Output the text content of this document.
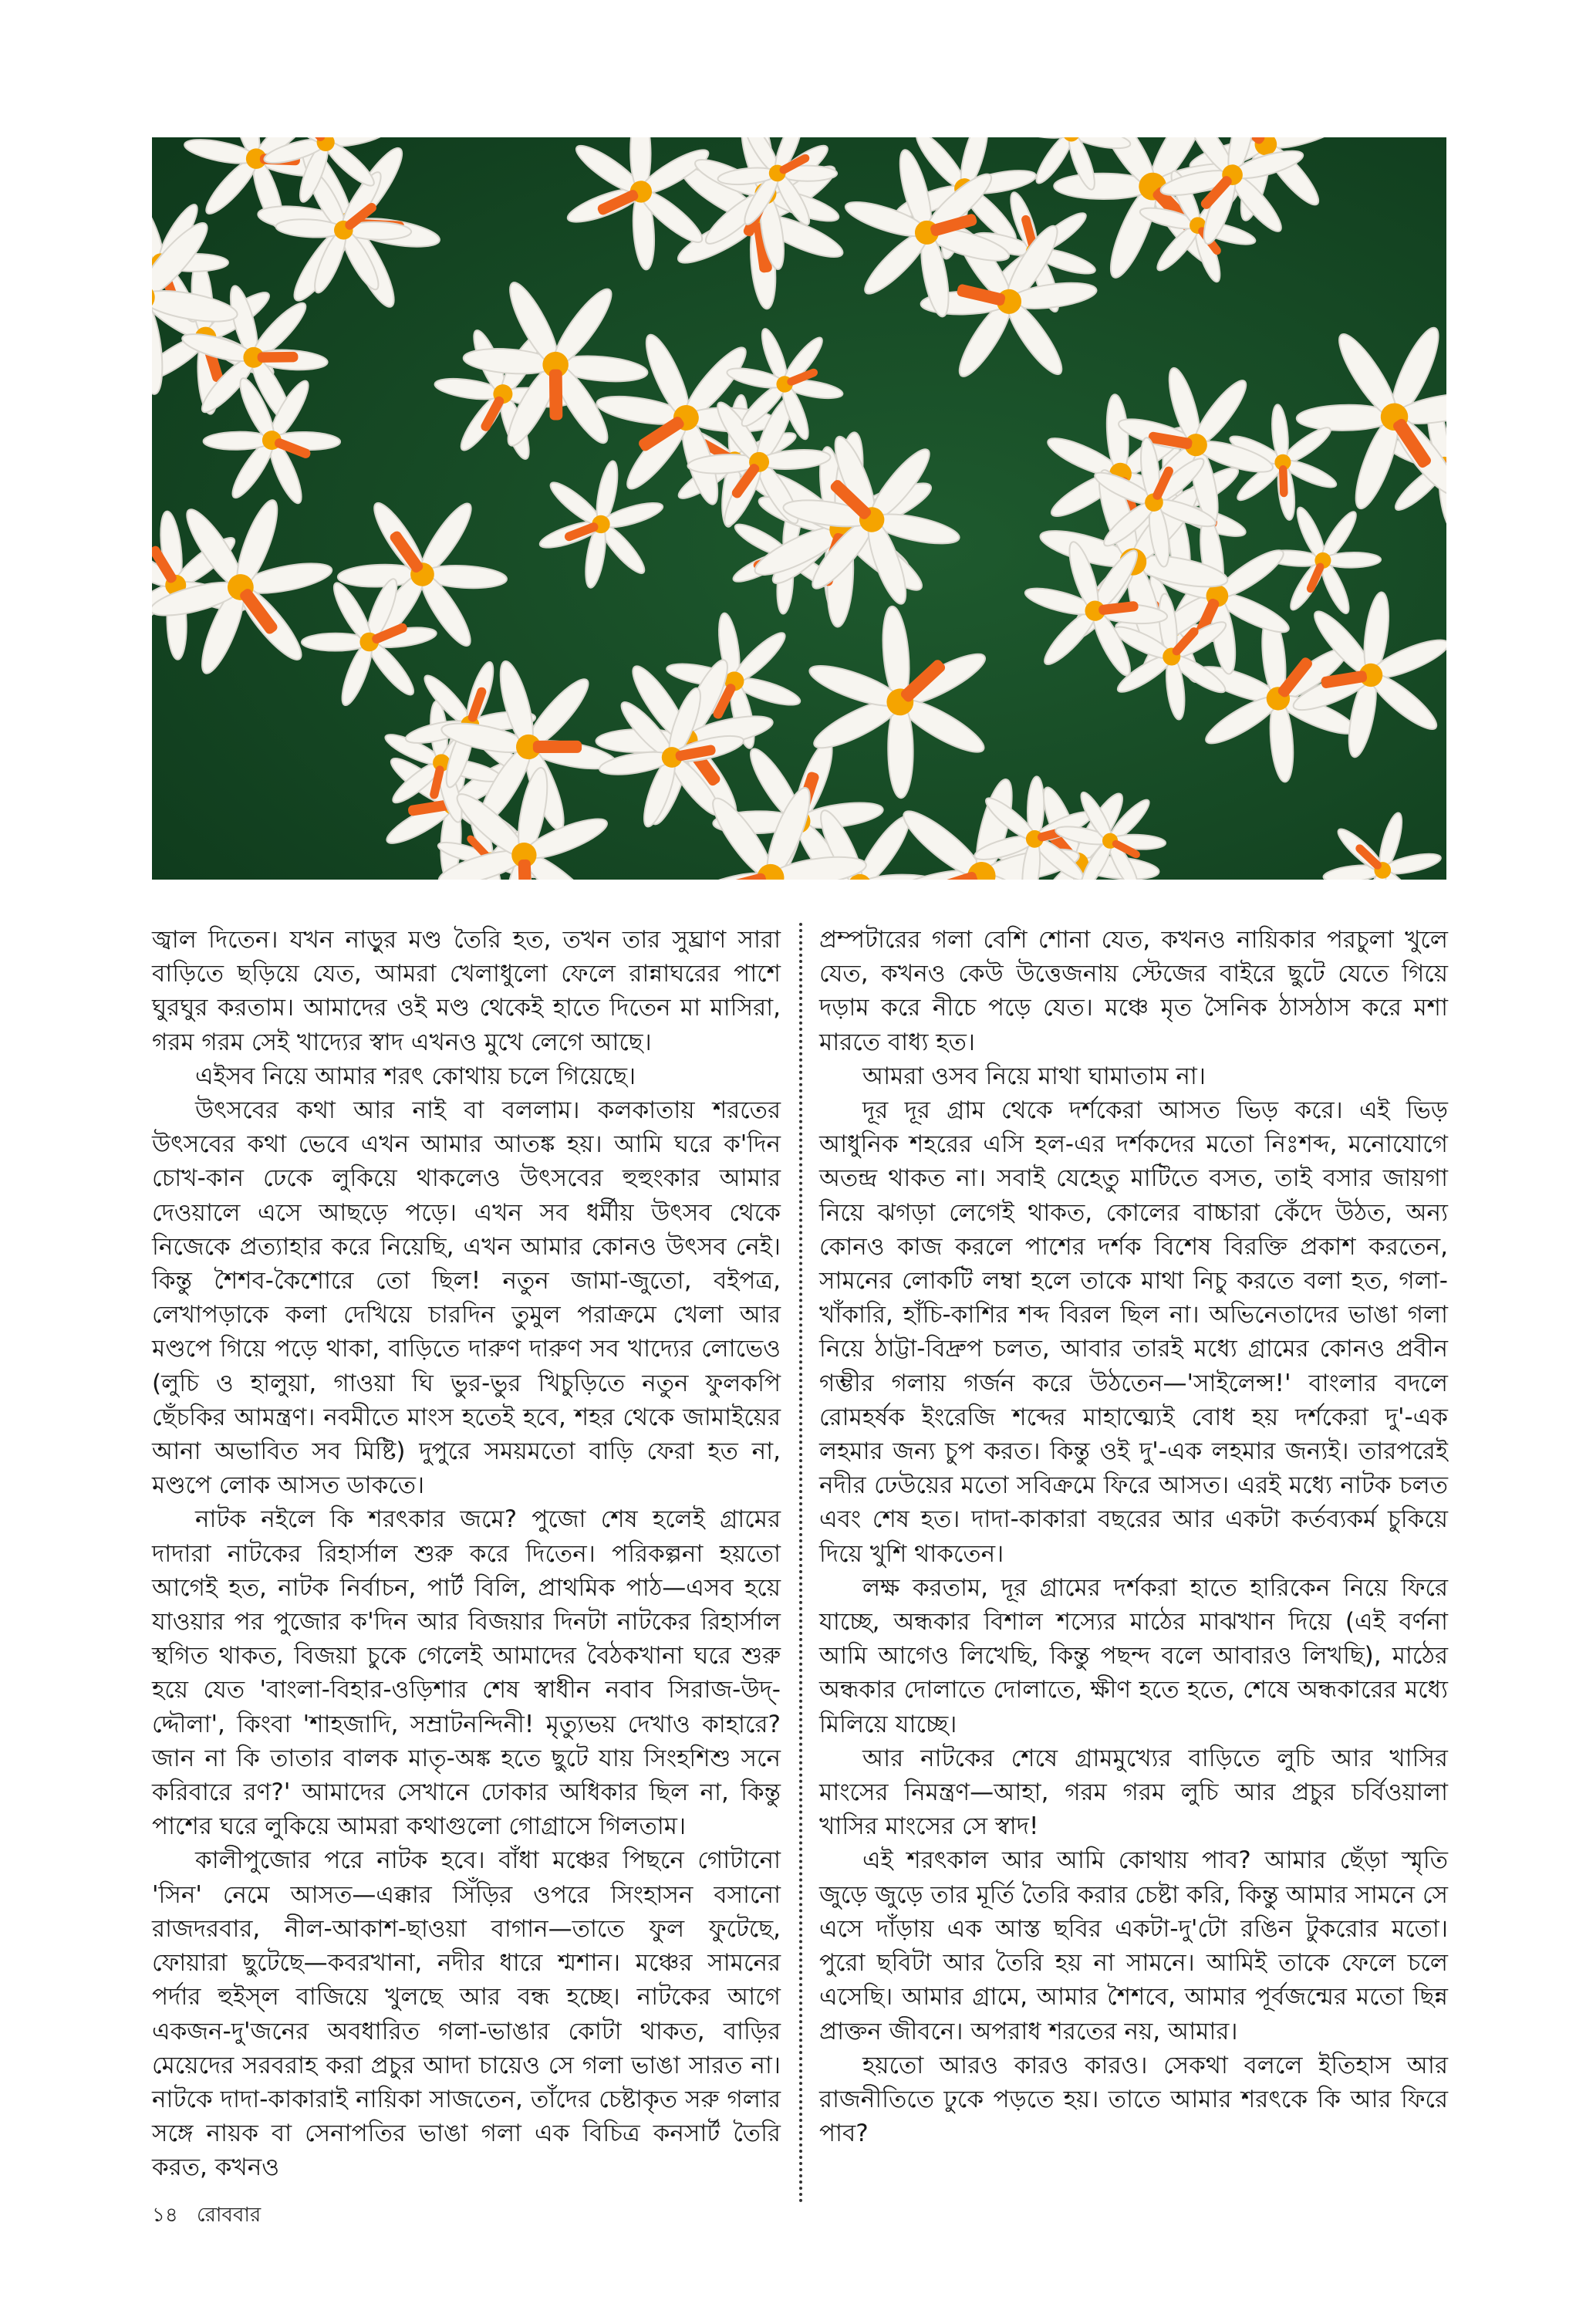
জ্বাল দিতেন। যখন নাড়ুর মণ্ড তৈরি হত, তখন তার সুঘ্রাণ সারা বাড়িতে ছড়িয়ে যেত, আমরা খেলাধুলো ফেলে রান্নাঘরের পাশে ঘুরঘুর করতাম। আমাদের ওই মণ্ড থেকেই হাতে দিতেন মা মাসিরা, গরম গরম সেই খাদ্যের স্বাদ এখনও মুখে লেগে আছে।

এইসব নিয়ে আমার শরৎ কোথায় চলে গিয়েছে।

উৎসবের কথা আর নাই বা বললাম। কলকাতায় শরতের উৎসবের কথা ভেবে এখন আমার আতঙ্ক হয়। আমি ঘরে ক'দিন চোখ-কান ঢেকে লুকিয়ে থাকলেও উৎসবের হুহুংকার আমার দেওয়ালে এসে আছড়ে পড়ে। এখন সব ধর্মীয় উৎসব থেকে নিজেকে প্রত্যাহার করে নিয়েছি, এখন আমার কোনও উৎসব নেই। কিন্তু শৈশব-কৈশোরে তো ছিল! নতুন জামা-জুতো, বইপত্র, লেখাপড়াকে কলা দেখিয়ে চারদিন তুমুল পরাক্রমে খেলা আর মণ্ডপে গিয়ে পড়ে থাকা, বাড়িতে দারুণ দারুণ সব খাদ্যের লোভেও (লুচি ও হালুয়া, গাওয়া ঘি ভুর-ভুর খিচুড়িতে নতুন ফুলকপি ছেঁচকির আমন্ত্রণ। নবমীতে মাংস হতেই হবে, শহর থেকে জামাইয়ের আনা অভাবিত সব মিষ্টি) দুপুরে সময়মতো বাড়ি ফেরা হত না, মণ্ডপে লোক আসত ডাকতে।

নাটক নইলে কি শরৎকার জমে? পুজো শেষ হলেই গ্রামের দাদারা নাটকের রিহার্সাল শুরু করে দিতেন। পরিকল্পনা হয়তো আগেই হত, নাটক নির্বাচন, পার্ট বিলি, প্রাথমিক পাঠ—এসব হয়ে যাওয়ার পর পুজোর ক'দিন আর বিজয়ার দিনটা নাটকের রিহার্সাল স্থগিত থাকত, বিজয়া চুকে গেলেই আমাদের বৈঠকখানা ঘরে শুরু হয়ে যেত 'বাংলা-বিহার-ওড়িশার শেষ স্বাধীন নবাব সিরাজ-উদ্-দ্দৌলা', কিংবা 'শাহজাদি, সম্রাটনন্দিনী! মৃত্যুভয় দেখাও কাহারে? জান না কি তাতার বালক মাতৃ-অঙ্ক হতে ছুটে যায় সিংহশিশু সনে করিবারে রণ?' আমাদের সেখানে ঢোকার অধিকার ছিল না, কিন্তু পাশের ঘরে লুকিয়ে আমরা কথাগুলো গোগ্রাসে গিলতাম।

কালীপুজোর পরে নাটক হবে। বাঁধা মঞ্চের পিছনে গোটানো 'সিন' নেমে আসত—এক্কার সিঁড়ির ওপরে সিংহাসন বসানো রাজদরবার, নীল-আকাশ-ছাওয়া বাগান—তাতে ফুল ফুটেছে, ফোয়ারা ছুটেছে—কবরখানা, নদীর ধারে শ্মশান। মঞ্চের সামনের পর্দার হুইস্‌ল বাজিয়ে খুলছে আর বন্ধ হচ্ছে। নাটকের আগে একজন-দু'জনের অবধারিত গলা-ভাঙার কোটা থাকত, বাড়ির মেয়েদের সরবরাহ করা প্রচুর আদা চায়েও সে গলা ভাঙা সারত না। নাটকে দাদা-কাকারাই নায়িকা সাজতেন, তাঁদের চেষ্টাকৃত সরু গলার সঙ্গে নায়ক বা সেনাপতির ভাঙা গলা এক বিচিত্র কনসার্ট তৈরি করত, কখনও

প্রম্পটারের গলা বেশি শোনা যেত, কখনও নায়িকার পরচুলা খুলে যেত, কখনও কেউ উত্তেজনায় স্টেজের বাইরে ছুটে যেতে গিয়ে দড়াম করে নীচে পড়ে যেত। মঞ্চে মৃত সৈনিক ঠাসঠাস করে মশা মারতে বাধ্য হত।

আমরা ওসব নিয়ে মাথা ঘামাতাম না।

দূর দূর গ্রাম থেকে দর্শকেরা আসত ভিড় করে। এই ভিড় আধুনিক শহরের এসি হল-এর দর্শকদের মতো নিঃশব্দ, মনোযোগে অতন্দ্র থাকত না। সবাই যেহেতু মাটিতে বসত, তাই বসার জায়গা নিয়ে ঝগড়া লেগেই থাকত, কোলের বাচ্চারা কেঁদে উঠত, অন্য কোনও কাজ করলে পাশের দর্শক বিশেষ বিরক্তি প্রকাশ করতেন, সামনের লোকটি লম্বা হলে তাকে মাথা নিচু করতে বলা হত, গলা-খাঁকারি, হাঁচি-কাশির শব্দ বিরল ছিল না। অভিনেতাদের ভাঙা গলা নিয়ে ঠাট্টা-বিদ্রুপ চলত, আবার তারই মধ্যে গ্রামের কোনও প্রবীন গম্ভীর গলায় গর্জন করে উঠতেন—'সাইলেন্স!' বাংলার বদলে রোমহর্ষক ইংরেজি শব্দের মাহাত্ম্যেই বোধ হয় দর্শকেরা দু'-এক লহমার জন্য চুপ করত। কিন্তু ওই দু'-এক লহমার জন্যই। তারপরেই নদীর ঢেউয়ের মতো সবিক্রমে ফিরে আসত। এরই মধ্যে নাটক চলত এবং শেষ হত। দাদা-কাকারা বছরের আর একটা কর্তব্যকর্ম চুকিয়ে দিয়ে খুশি থাকতেন।

লক্ষ করতাম, দূর গ্রামের দর্শকরা হাতে হারিকেন নিয়ে ফিরে যাচ্ছে, অন্ধকার বিশাল শস্যের মাঠের মাঝখান দিয়ে (এই বর্ণনা আমি আগেও লিখেছি, কিন্তু পছন্দ বলে আবারও লিখছি), মাঠের অন্ধকার দোলাতে দোলাতে, ক্ষীণ হতে হতে, শেষে অন্ধকারের মধ্যে মিলিয়ে যাচ্ছে।

আর নাটকের শেষে গ্রামমুখ্যের বাড়িতে লুচি আর খাসির মাংসের নিমন্ত্রণ—আহা, গরম গরম লুচি আর প্রচুর চর্বিওয়ালা খাসির মাংসের সে স্বাদ!

এই শরৎকাল আর আমি কোথায় পাব? আমার ছেঁড়া স্মৃতি জুড়ে জুড়ে তার মূর্তি তৈরি করার চেষ্টা করি, কিন্তু আমার সামনে সে এসে দাঁড়ায় এক আস্ত ছবির একটা-দু'টো রঙিন টুকরোর মতো। পুরো ছবিটা আর তৈরি হয় না সামনে। আমিই তাকে ফেলে চলে এসেছি। আমার গ্রামে, আমার শৈশবে, আমার পূর্বজন্মের মতো ছিন্ন প্রাক্তন জীবনে। অপরাধ শরতের নয়, আমার।

হয়তো আরও কারও কারও। সেকথা বললে ইতিহাস আর রাজনীতিতে ঢুকে পড়তে হয়। তাতে আমার শরৎকে কি আর ফিরে পাব?

১৪ রোববার
